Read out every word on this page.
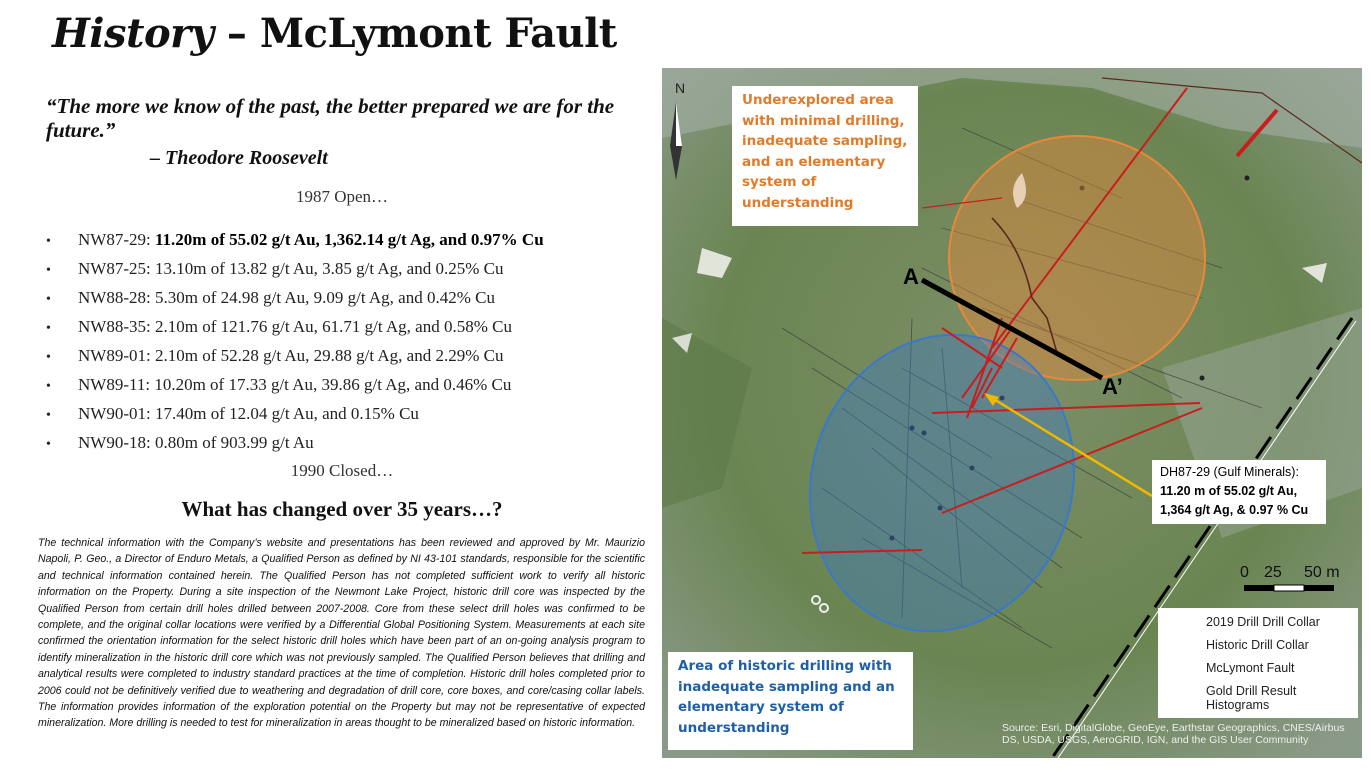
History – McLymont Fault
“The more we know of the past, the better prepared we are for the future.”
– Theodore Roosevelt
1987 Open…
• NW87-29: 11.20m of 55.02 g/t Au, 1,362.14 g/t Ag, and 0.97% Cu
• NW87-25: 13.10m of 13.82 g/t Au, 3.85 g/t Ag, and 0.25% Cu
• NW88-28: 5.30m of 24.98 g/t Au, 9.09 g/t Ag, and 0.42% Cu
• NW88-35: 2.10m of 121.76 g/t Au, 61.71 g/t Ag, and 0.58% Cu
• NW89-01: 2.10m of 52.28 g/t Au, 29.88 g/t Ag, and 2.29% Cu
• NW89-11: 10.20m of 17.33 g/t Au, 39.86 g/t Ag, and 0.46% Cu
• NW90-01: 17.40m of 12.04 g/t Au, and 0.15% Cu
• NW90-18: 0.80m of 903.99 g/t Au
1990 Closed…
What has changed over 35 years…?

The technical information with the Company’s website and presentations has been reviewed and approved by Mr. Maurizio Napoli, P. Geo., a Director of Enduro Metals, a Qualified Person as defined by NI 43-101 standards, responsible for the scientific and technical information contained herein. The Qualified Person has not completed sufficient work to verify all historic information on the Property. During a site inspection of the Newmont Lake Project, historic drill core was inspected by the Qualified Person from certain drill holes drilled between 2007-2008. Core from these select drill holes was confirmed to be complete, and the original collar locations were verified by a Differential Global Positioning System. Measurements at each site confirmed the orientation information for the select historic drill holes which have been part of an on-going analysis program to identify mineralization in the historic drill core which was not previously sampled. The Qualified Person believes that drilling and analytical results were completed to industry standard practices at the time of completion. Historic drill holes completed prior to 2006 could not be definitively verified due to weathering and degradation of drill core, core boxes, and core/casing collar labels. The information provides information of the exploration potential on the Property but may not be representative of expected mineralization. More drilling is needed to test for mineralization in areas thought to be mineralized based on historic information.

N
Underexplored area with minimal drilling, inadequate sampling, and an elementary system of understanding
Area of historic drilling with inadequate sampling and an elementary system of understanding
A
A’
DH87-29 (Gulf Minerals):
11.20 m of 55.02 g/t Au,
1,364 g/t Ag, & 0.97 % Cu
0 25 50 m
2019 Drill Drill Collar
Historic Drill Collar
McLymont Fault
Gold Drill Result Histograms
Source: Esri, DigitalGlobe, GeoEye, Earthstar Geographics, CNES/Airbus DS, USDA, USGS, AeroGRID, IGN, and the GIS User Community
